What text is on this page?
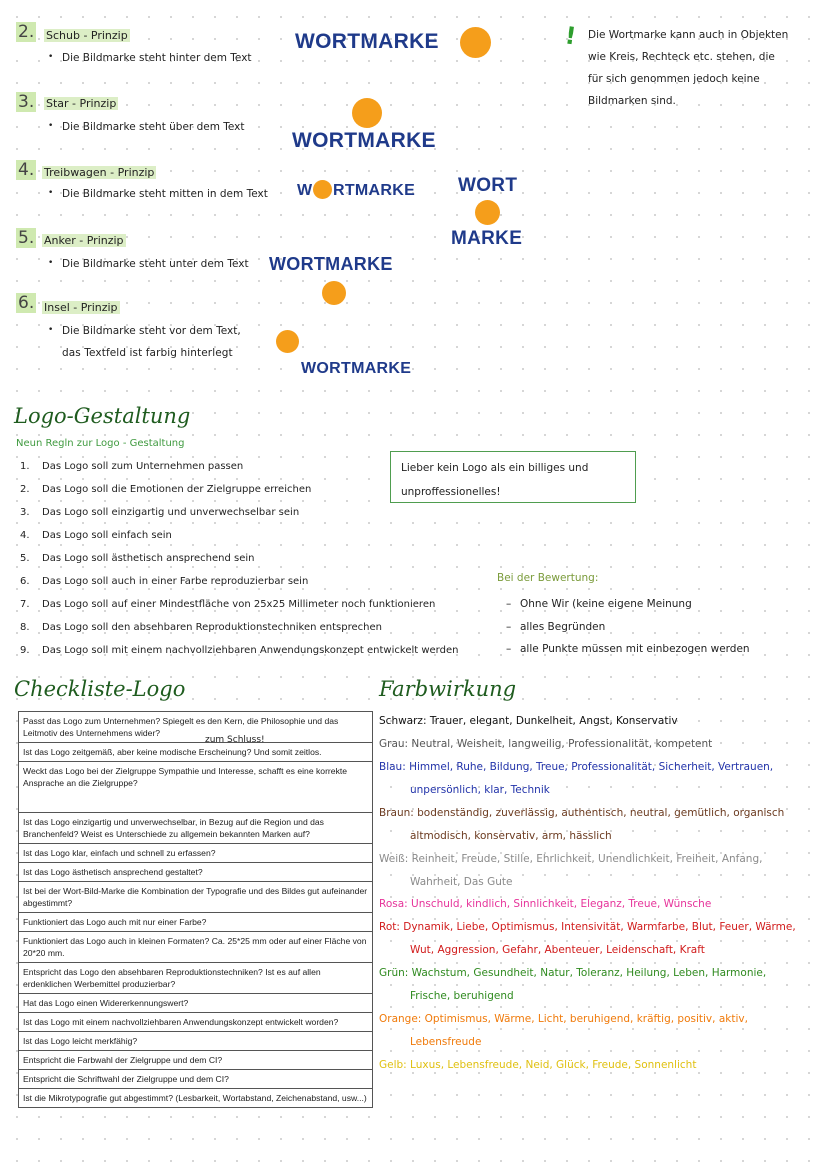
2. Schub - Prinzip
• Die Bildmarke steht hinter dem Text
3. Star - Prinzip
• Die Bildmarke steht über dem Text
4. Treibwagen - Prinzip
• Die Bildmarke steht mitten in dem Text
5. Anker - Prinzip
• Die Bildmarke steht unter dem Text
6. Insel - Prinzip
• Die Bildmarke steht vor dem Text,
das Textfeld ist farbig hinterlegt
WORTMARKE
WORTMARKE
W RTMARKE WORT
MARKE
WORTMARKE
WORTMARKE
! Die Wortmarke kann auch in Objekten
wie Kreis, Rechteck etc. stehen, die
für sich genommen jedoch keine
Bildmarken sind.
Logo-Gestaltung
Neun Regln zur Logo - Gestaltung
1. Das Logo soll zum Unternehmen passen
2. Das Logo soll die Emotionen der Zielgruppe erreichen
3. Das Logo soll einzigartig und unverwechselbar sein
4. Das Logo soll einfach sein
5. Das Logo soll ästhetisch ansprechend sein
6. Das Logo soll auch in einer Farbe reproduzierbar sein
7. Das Logo soll auf einer Mindestfläche von 25x25 Millimeter noch funktionieren
8. Das Logo soll den absehbaren Reproduktionstechniken entsprechen
9. Das Logo soll mit einem nachvollziehbaren Anwendungskonzept entwickelt werden
Lieber kein Logo als ein billiges und
unproffessionelles!
Bei der Bewertung:
– Ohne Wir (keine eigene Meinung
– alles Begründen
– alle Punkte müssen mit einbezogen werden
Checkliste-Logo
Passt das Logo zum Unternehmen? Spiegelt es den Kern, die Philosophie und das Leitmotiv des Unternehmens wider?
Ist das Logo zeitgemäß, aber keine modische Erscheinung? Und somit zeitlos.
Weckt das Logo bei der Zielgruppe Sympathie und Interesse, schafft es eine korrekte Ansprache an die Zielgruppe?
Ist das Logo einzigartig und unverwechselbar, in Bezug auf die Region und das Branchenfeld? Weist es Unterschiede zu allgemein bekannten Marken auf?
Ist das Logo klar, einfach und schnell zu erfassen?
Ist das Logo ästhetisch ansprechend gestaltet?
Ist bei der Wort-Bild-Marke die Kombination der Typografie und des Bildes gut aufeinander abgestimmt?
Funktioniert das Logo auch mit nur einer Farbe?
Funktioniert das Logo auch in kleinen Formaten? Ca. 25*25 mm oder auf einer Fläche von 20*20 mm.
Entspricht das Logo den absehbaren Reproduktionstechniken? Ist es auf allen erdenklichen Werbemittel produzierbar?
Hat das Logo einen Widererkennungswert?
Ist das Logo mit einem nachvollziehbaren Anwendungskonzept entwickelt worden?
Ist das Logo leicht merkfähig?
Entspricht die Farbwahl der Zielgruppe und dem CI?
Entspricht die Schriftwahl der Zielgruppe und dem CI?
Ist die Mikrotypografie gut abgestimmt? (Lesbarkeit, Wortabstand, Zeichenabstand, usw...)
zum Schluss!
Farbwirkung
Schwarz: Trauer, elegant, Dunkelheit, Angst, Konservativ
Grau: Neutral, Weisheit, langweilig, Professionalität, kompetent
Blau: Himmel, Ruhe, Bildung, Treue, Professionalität, Sicherheit, Vertrauen,
unpersönlich, klar, Technik
Braun: bodenständig, zuverlässig, authentisch, neutral, gemütlich, organisch
altmodisch, konservativ, arm, hässlich
Weiß: Reinheit, Freude, Stille, Ehrlichkeit, Unendlichkeit, Freiheit, Anfang,
Wahrheit, Das Gute
Rosa: Unschuld, kindlich, Sinnlichkeit, Eleganz, Treue, Wünsche
Rot: Dynamik, Liebe, Optimismus, Intensivität, Warmfarbe, Blut, Feuer, Wärme,
Wut, Aggression, Gefahr, Abenteuer, Leidenschaft, Kraft
Grün: Wachstum, Gesundheit, Natur, Toleranz, Heilung, Leben, Harmonie,
Frische, beruhigend
Orange: Optimismus, Wärme, Licht, beruhigend, kräftig, positiv, aktiv,
Lebensfreude
Gelb: Luxus, Lebensfreude, Neid, Glück, Freude, Sonnenlicht
